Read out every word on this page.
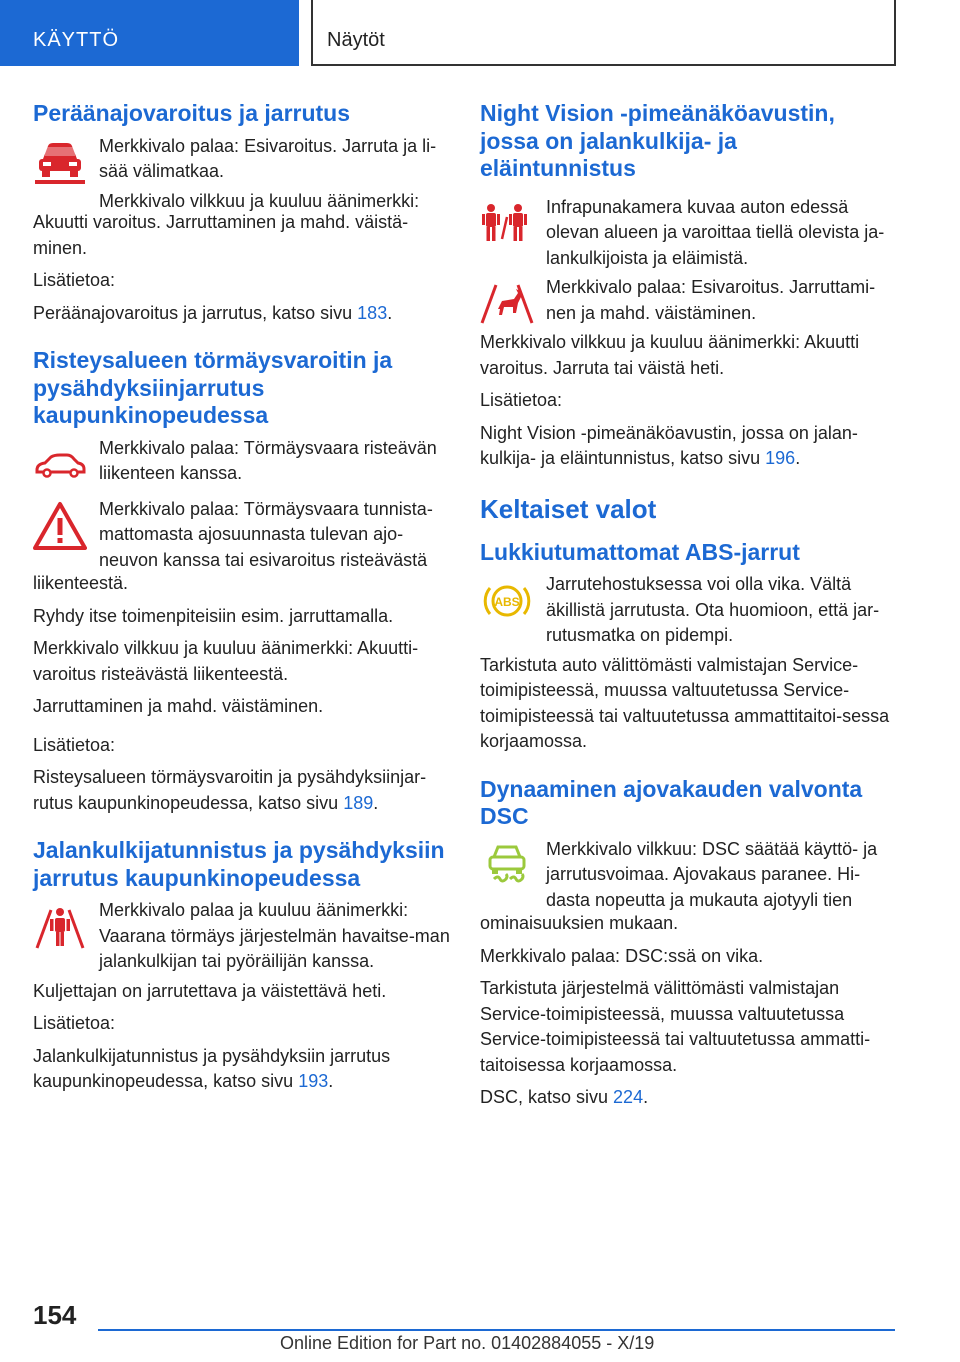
KÄYTTÖ	Näytöt
Peräänajovaroitus ja jarrutus

Merkkivalo palaa: Esivaroitus. Jarruta ja li-sää välimatkaa.

Merkkivalo vilkkuu ja kuuluu äänimerkki:

Akuutti varoitus. Jarruttaminen ja mahd. väistä-minen.

Lisätietoa:

Peräänajovaroitus ja jarrutus, katso sivu 183.

Risteysalueen törmäysvaroitin ja pysähdyksiinjarrutus kaupunkinopeudessa

Merkkivalo palaa: Törmäysvaara risteävän liikenteen kanssa.

Merkkivalo palaa: Törmäysvaara tunnista-mattomasta ajosuunnasta tulevan ajo-neuvon kanssa tai esivaroitus risteävästä

liikenteestä.

Ryhdy itse toimenpiteisiin esim. jarruttamalla.

Merkkivalo vilkkuu ja kuuluu äänimerkki: Akuutti-varoitus risteävästä liikenteestä.

Jarruttaminen ja mahd. väistäminen.

Lisätietoa:

Risteysalueen törmäysvaroitin ja pysähdyksiinjar-rutus kaupunkinopeudessa, katso sivu 189.

Jalankulkijatunnistus ja pysähdyksiin jarrutus kaupunkinopeudessa

Merkkivalo palaa ja kuuluu äänimerkki: Vaarana törmäys järjestelmän havaitse-man jalankulkijan tai pyöräilijän kanssa.

Kuljettajan on jarrutettava ja väistettävä heti.

Lisätietoa:

Jalankulkijatunnistus ja pysähdyksiin jarrutus kaupunkinopeudessa, katso sivu 193.

Night Vision -pimeänäköavustin, jossa on jalankulkija- ja eläintunnistus

Infrapunakamera kuvaa auton edessä olevan alueen ja varoittaa tiellä olevista ja-lankulkijoista ja eläimistä.

Merkkivalo palaa: Esivaroitus. Jarruttami-nen ja mahd. väistäminen.

Merkkivalo vilkkuu ja kuuluu äänimerkki: Akuutti varoitus. Jarruta tai väistä heti.

Lisätietoa:

Night Vision -pimeänäköavustin, jossa on jalan-kulkija- ja eläintunnistus, katso sivu 196.

Keltaiset valot
Lukkiutumattomat ABS-jarrut
ABS

Jarrutehostuksessa voi olla vika. Vältä äkillistä jarrutusta. Ota huomioon, että jar-rutusmatka on pidempi.

Tarkistuta auto välittömästi valmistajan Service-toimipisteessä, muussa valtuutetussa Service-toimipisteessä tai valtuutetussa ammattitaitoi-sessa korjaamossa.

Dynaaminen ajovakauden valvonta DSC

Merkkivalo vilkkuu: DSC säätää käyttö- ja jarrutusvoimaa. Ajovakaus paranee. Hi-dasta nopeutta ja mukauta ajotyyli tien

ominaisuuksien mukaan.

Merkkivalo palaa: DSC:ssä on vika.

Tarkistuta järjestelmä välittömästi valmistajan Service-toimipisteessä, muussa valtuutetussa Service-toimipisteessä tai valtuutetussa ammatti-taitoisessa korjaamossa.

DSC, katso sivu 224.

154
Online Edition for Part no. 01402884055 - X/19
